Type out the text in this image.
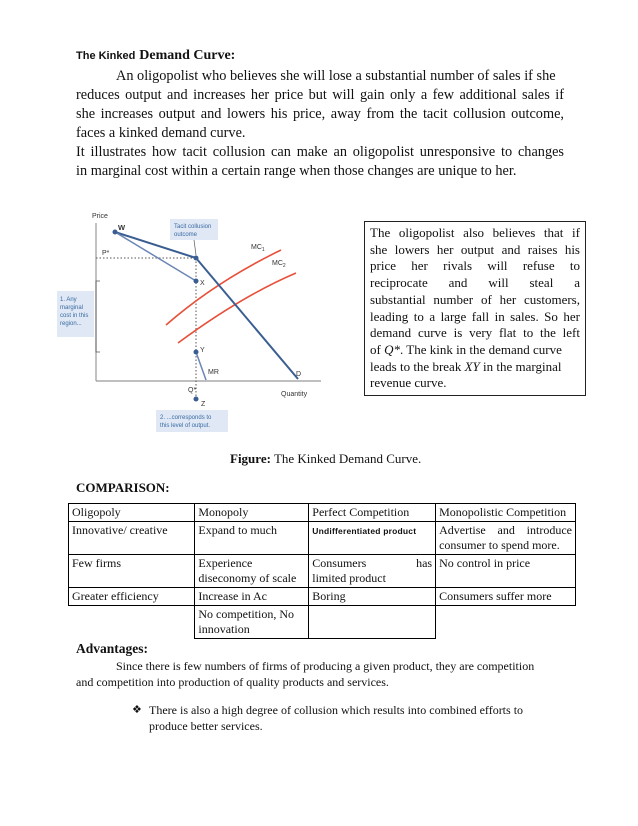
The Kinked Demand Curve:
An oligopolist who believes she will lose a substantial number of sales if she
reduces output and increases her price but will gain only a few additional sales if
she increases output and lowers his price, away from the tacit collusion outcome,
faces a kinked demand curve.
It illustrates how tacit collusion can make an oligopolist unresponsive to changes
in marginal cost within a certain range when those changes are unique to her.
Price
Quantity
$MC_1$
$MC_2$
W
P*
X
Y
MR	D
Q*
Z
Tacit collusion
outcome
1. Any
marginal
cost in this
region...
2. ...corresponds to
this level of output.
The oligopolist also believes that if
she lowers her output and raises his
price her rivals will refuse to
reciprocate and will steal a
substantial number of her customers,
leading to a large fall in sales. So her
demand curve is very flat to the left
of Q*. The kink in the demand curve
leads to the break XY in the marginal
revenue curve.
Figure: The Kinked Demand Curve.
COMPARISON:
Oligopoly	Monopoly	Perfect Competition	Monopolistic Competition
Innovative/ creative	Expand to much	Undifferentiated product	Advertise and introduce
consumer to spend more.

Few firms	Experience
diseconomy of scale	Consumers has
limited product	No control in price
Greater efficiency	Increase in Ac	Boring	Consumers suffer more

	No competition, No
innovation		

Advantages:
Since there is few numbers of firms of producing a given product, they are competition
and competition into production of quality products and services.
❖ There is also a high degree of collusion which results into combined efforts to
produce better services.
